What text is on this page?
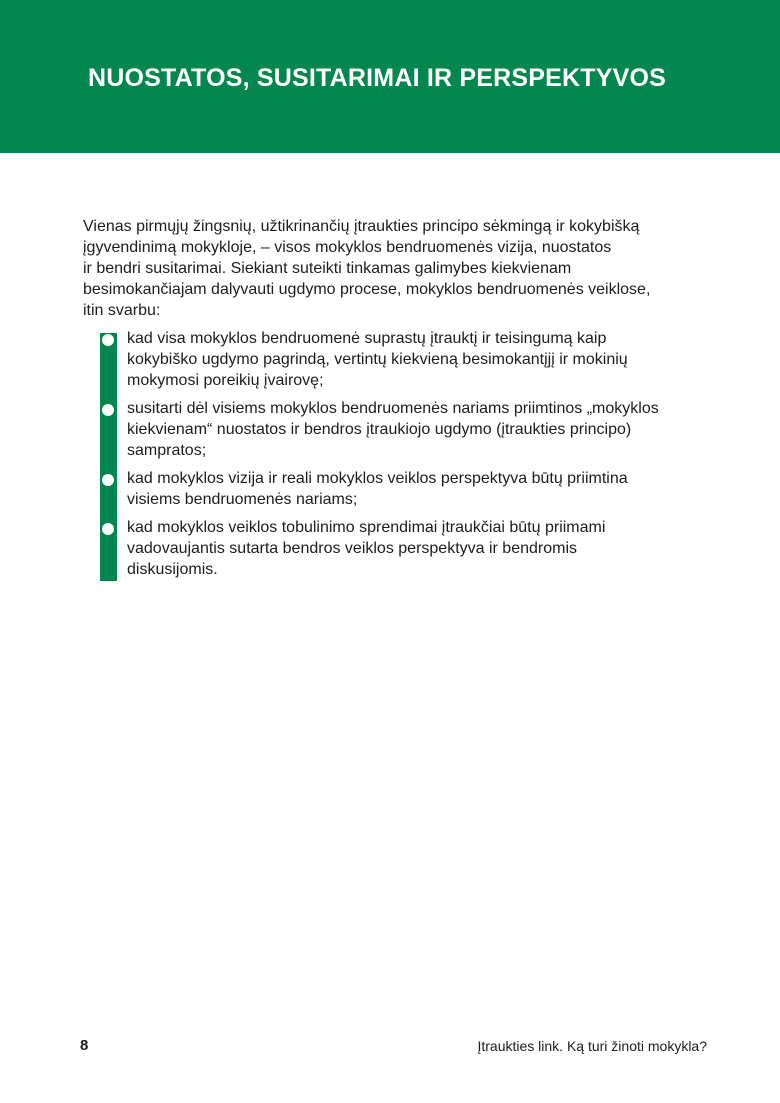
NUOSTATOS, SUSITARIMAI IR PERSPEKTYVOS

Vienas pirmųjų žingsnių, užtikrinančių įtraukties principo sėkmingą ir kokybišką
įgyvendinimą mokykloje, – visos mokyklos bendruomenės vizija, nuostatos
ir bendri susitarimai. Siekiant suteikti tinkamas galimybes kiekvienam
besimokančiajam dalyvauti ugdymo procese, mokyklos bendruomenės veiklose,
itin svarbu:

kad visa mokyklos bendruomenė suprastų įtrauktį ir teisingumą kaip
kokybiško ugdymo pagrindą, vertintų kiekvieną besimokantįjį ir mokinių
mokymosi poreikių įvairovę;
susitarti dėl visiems mokyklos bendruomenės nariams priimtinos „mokyklos
kiekvienam“ nuostatos ir bendros įtraukiojo ugdymo (įtraukties principo)
sampratos;
kad mokyklos vizija ir reali mokyklos veiklos perspektyva būtų priimtina
visiems bendruomenės nariams;
kad mokyklos veiklos tobulinimo sprendimai įtraukčiai būtų priimami
vadovaujantis sutarta bendros veiklos perspektyva ir bendromis
diskusijomis.
8	Įtraukties link. Ką turi žinoti mokykla?
